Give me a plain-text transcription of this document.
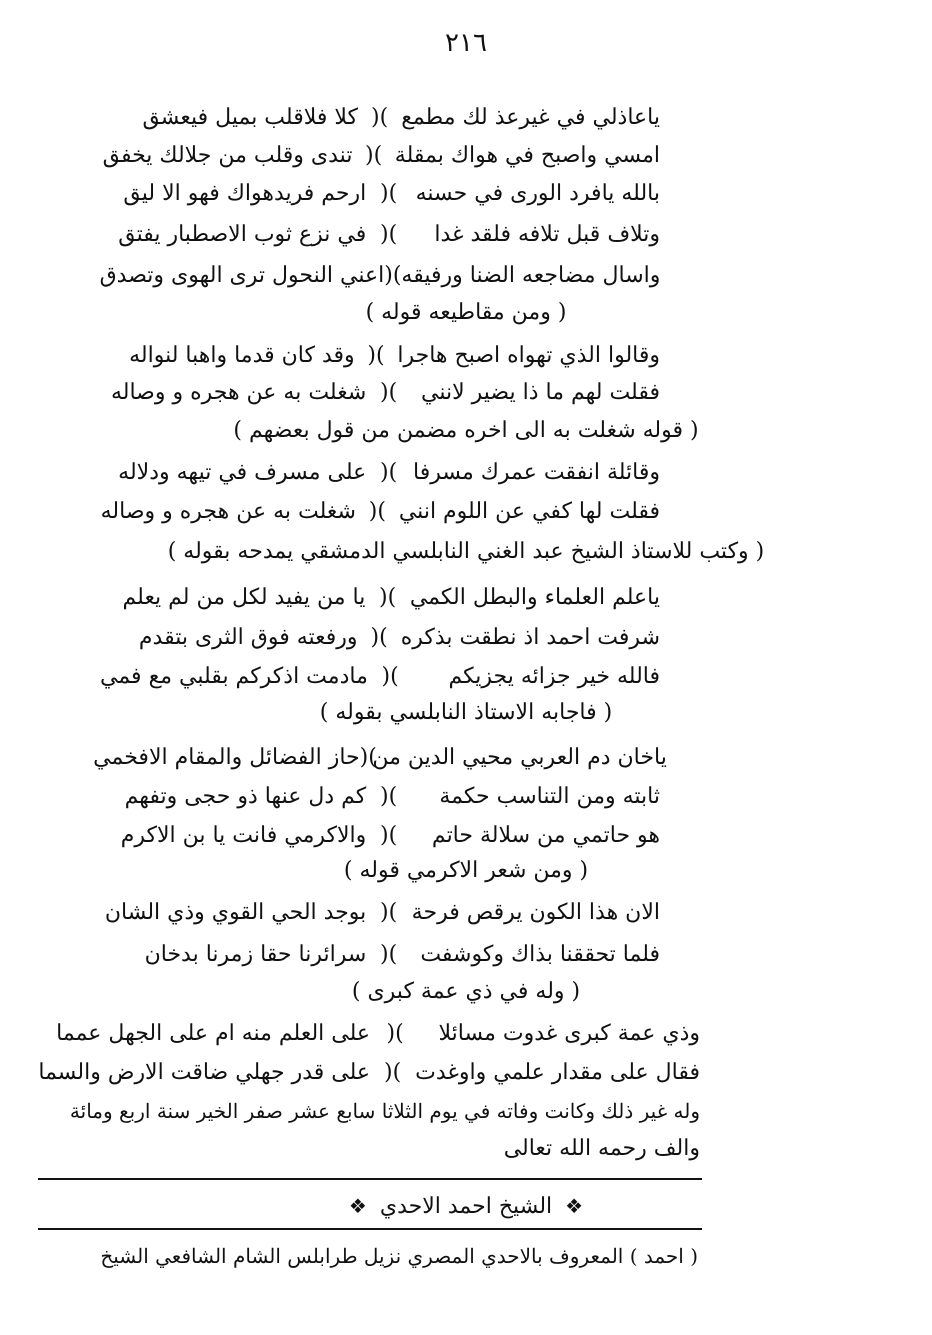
٢١٦
ياعاذلي في غيرعذ لك مطمع
)(
كلا فلاقلب بميل فيعشق
امسي واصبح في هواك بمقلة
)(
تندى وقلب من جلالك يخفق
بالله يافرد الورى في حسنه
)(
ارحم فريدهواك فهو الا ليق
وتلاف قبل تلافه فلقد غدا
)(
في نزع ثوب الاصطبار يفتق
واسال مضاجعه الضنا ورفيقه
)(
اعني النحول ترى الهوى وتصدق
( ومن مقاطيعه قوله )
وقالوا الذي تهواه اصبح هاجرا
)(
وقد كان قدما واهبا لنواله
فقلت لهم ما ذا يضير لانني
)(
شغلت به عن هجره و وصاله
( قوله شغلت به الى اخره مضمن من قول بعضهم )
وقائلة انفقت عمرك مسرفا
)(
على مسرف في تيهه ودلاله
فقلت لها كفي عن اللوم انني
)(
شغلت به عن هجره و وصاله
( وكتب للاستاذ الشيخ عبد الغني النابلسي الدمشقي يمدحه بقوله )
ياعلم العلماء والبطل الكمي
)(
يا من يفيد لكل من لم يعلم
شرفت احمد اذ نطقت بذكره
)(
ورفعته فوق الثرى بتقدم
فالله خير جزائه يجزيكم
)(
مادمت اذكركم بقلبي مع فمي
( فاجابه الاستاذ النابلسي بقوله )
ياخان دم العربي محيي الدين من
)(
حاز الفضائل والمقام الافخمي
ثابته ومن التناسب حكمة
)(
كم دل عنها ذو حجى وتفهم
هو حاتمي من سلالة حاتم
)(
والاكرمي فانت يا بن الاكرم
( ومن شعر الاكرمي قوله )
الان هذا الكون يرقص فرحة
)(
بوجد الحي القوي وذي الشان
فلما تحققنا بذاك وكوشفت
)(
سرائرنا حقا زمرنا بدخان
( وله في ذي عمة كبرى )
وذي عمة كبرى غدوت مسائلا
)(
على العلم منه ام على الجهل عمما
فقال على مقدار علمي واوغدت
)(
على قدر جهلي ضاقت الارض والسما
وله غير ذلك وكانت وفاته في يوم الثلاثا سابع عشر صفر الخير سنة اربع ومائة
والف رحمه الله تعالى
❖ الشيخ احمد الاحدي ❖
( احمد ) المعروف بالاحدي المصري نزيل طرابلس الشام الشافعي الشيخ
